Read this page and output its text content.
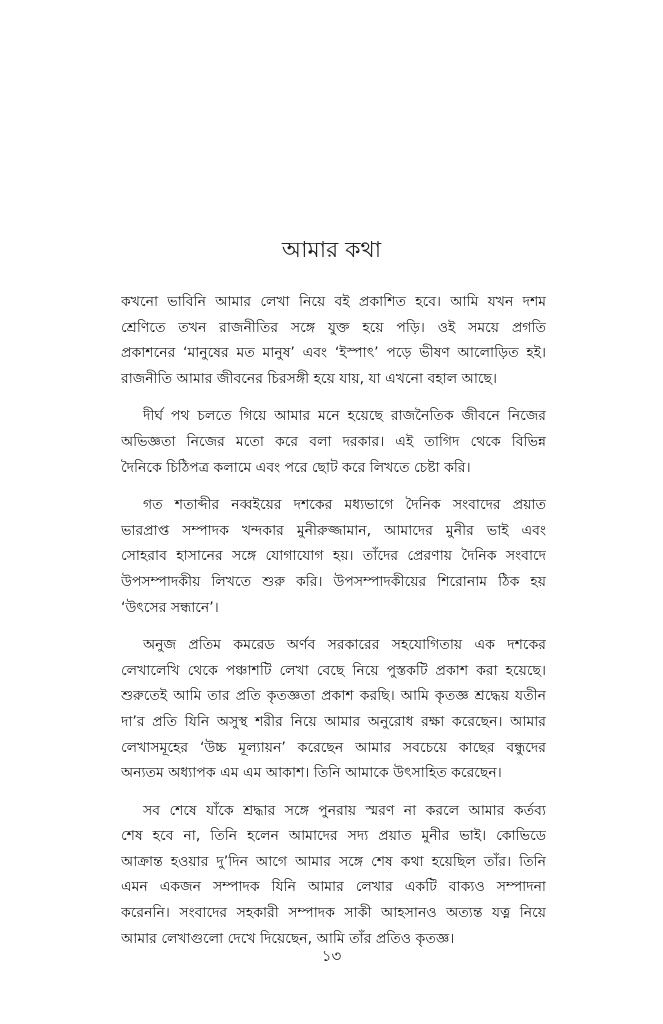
আমার কথা
কখনো ভাবিনি আমার লেখা নিয়ে বই প্রকাশিত হবে। আমি যখন দশম
শ্রেণিতে তখন রাজনীতির সঙ্গে যুক্ত হয়ে পড়ি। ওই সময়ে প্রগতি
প্রকাশনের ‘মানুষের মত মানুষ’ এবং ‘ইস্পাৎ’ পড়ে ভীষণ আলোড়িত হই।
রাজনীতি আমার জীবনের চিরসঙ্গী হয়ে যায়, যা এখনো বহাল আছে।
দীর্ঘ পথ চলতে গিয়ে আমার মনে হয়েছে রাজনৈতিক জীবনে নিজের
অভিজ্ঞতা নিজের মতো করে বলা দরকার। এই তাগিদ থেকে বিভিন্ন
দৈনিকে চিঠিপত্র কলামে এবং পরে ছোট করে লিখতে চেষ্টা করি।
গত শতাব্দীর নব্বইয়ের দশকের মধ্যভাগে দৈনিক সংবাদের প্রয়াত
ভারপ্রাপ্ত সম্পাদক খন্দকার মুনীরুজ্জামান, আমাদের মুনীর ভাই এবং
সোহরাব হাসানের সঙ্গে যোগাযোগ হয়। তাঁদের প্রেরণায় দৈনিক সংবাদে
উপসম্পাদকীয় লিখতে শুরু করি। উপসম্পাদকীয়ের শিরোনাম ঠিক হয়
‘উৎসের সন্ধানে’।
অনুজ প্রতিম কমরেড অর্ণব সরকারের সহযোগিতায় এক দশকের
লেখালেখি থেকে পঞ্চাশটি লেখা বেছে নিয়ে পুস্তকটি প্রকাশ করা হয়েছে।
শুরুতেই আমি তার প্রতি কৃতজ্ঞতা প্রকাশ করছি। আমি কৃতজ্ঞ শ্রদ্ধেয় যতীন
দা’র প্রতি যিনি অসুস্থ শরীর নিয়ে আমার অনুরোধ রক্ষা করেছেন। আমার
লেখাসমূহের ‘উচ্চ মূল্যায়ন’ করেছেন আমার সবচেয়ে কাছের বন্ধুদের
অন্যতম অধ্যাপক এম এম আকাশ। তিনি আমাকে উৎসাহিত করেছেন।
সব শেষে যাঁকে শ্রদ্ধার সঙ্গে পুনরায় স্মরণ না করলে আমার কর্তব্য
শেষ হবে না, তিনি হলেন আমাদের সদ্য প্রয়াত মুনীর ভাই। কোভিডে
আক্রান্ত হওয়ার দু’দিন আগে আমার সঙ্গে শেষ কথা হয়েছিল তাঁর। তিনি
এমন একজন সম্পাদক যিনি আমার লেখার একটি বাক্যও সম্পাদনা
করেননি। সংবাদের সহকারী সম্পাদক সাকী আহসানও অত্যন্ত যত্ন নিয়ে
আমার লেখাগুলো দেখে দিয়েছেন, আমি তাঁর প্রতিও কৃতজ্ঞ।
১৩
